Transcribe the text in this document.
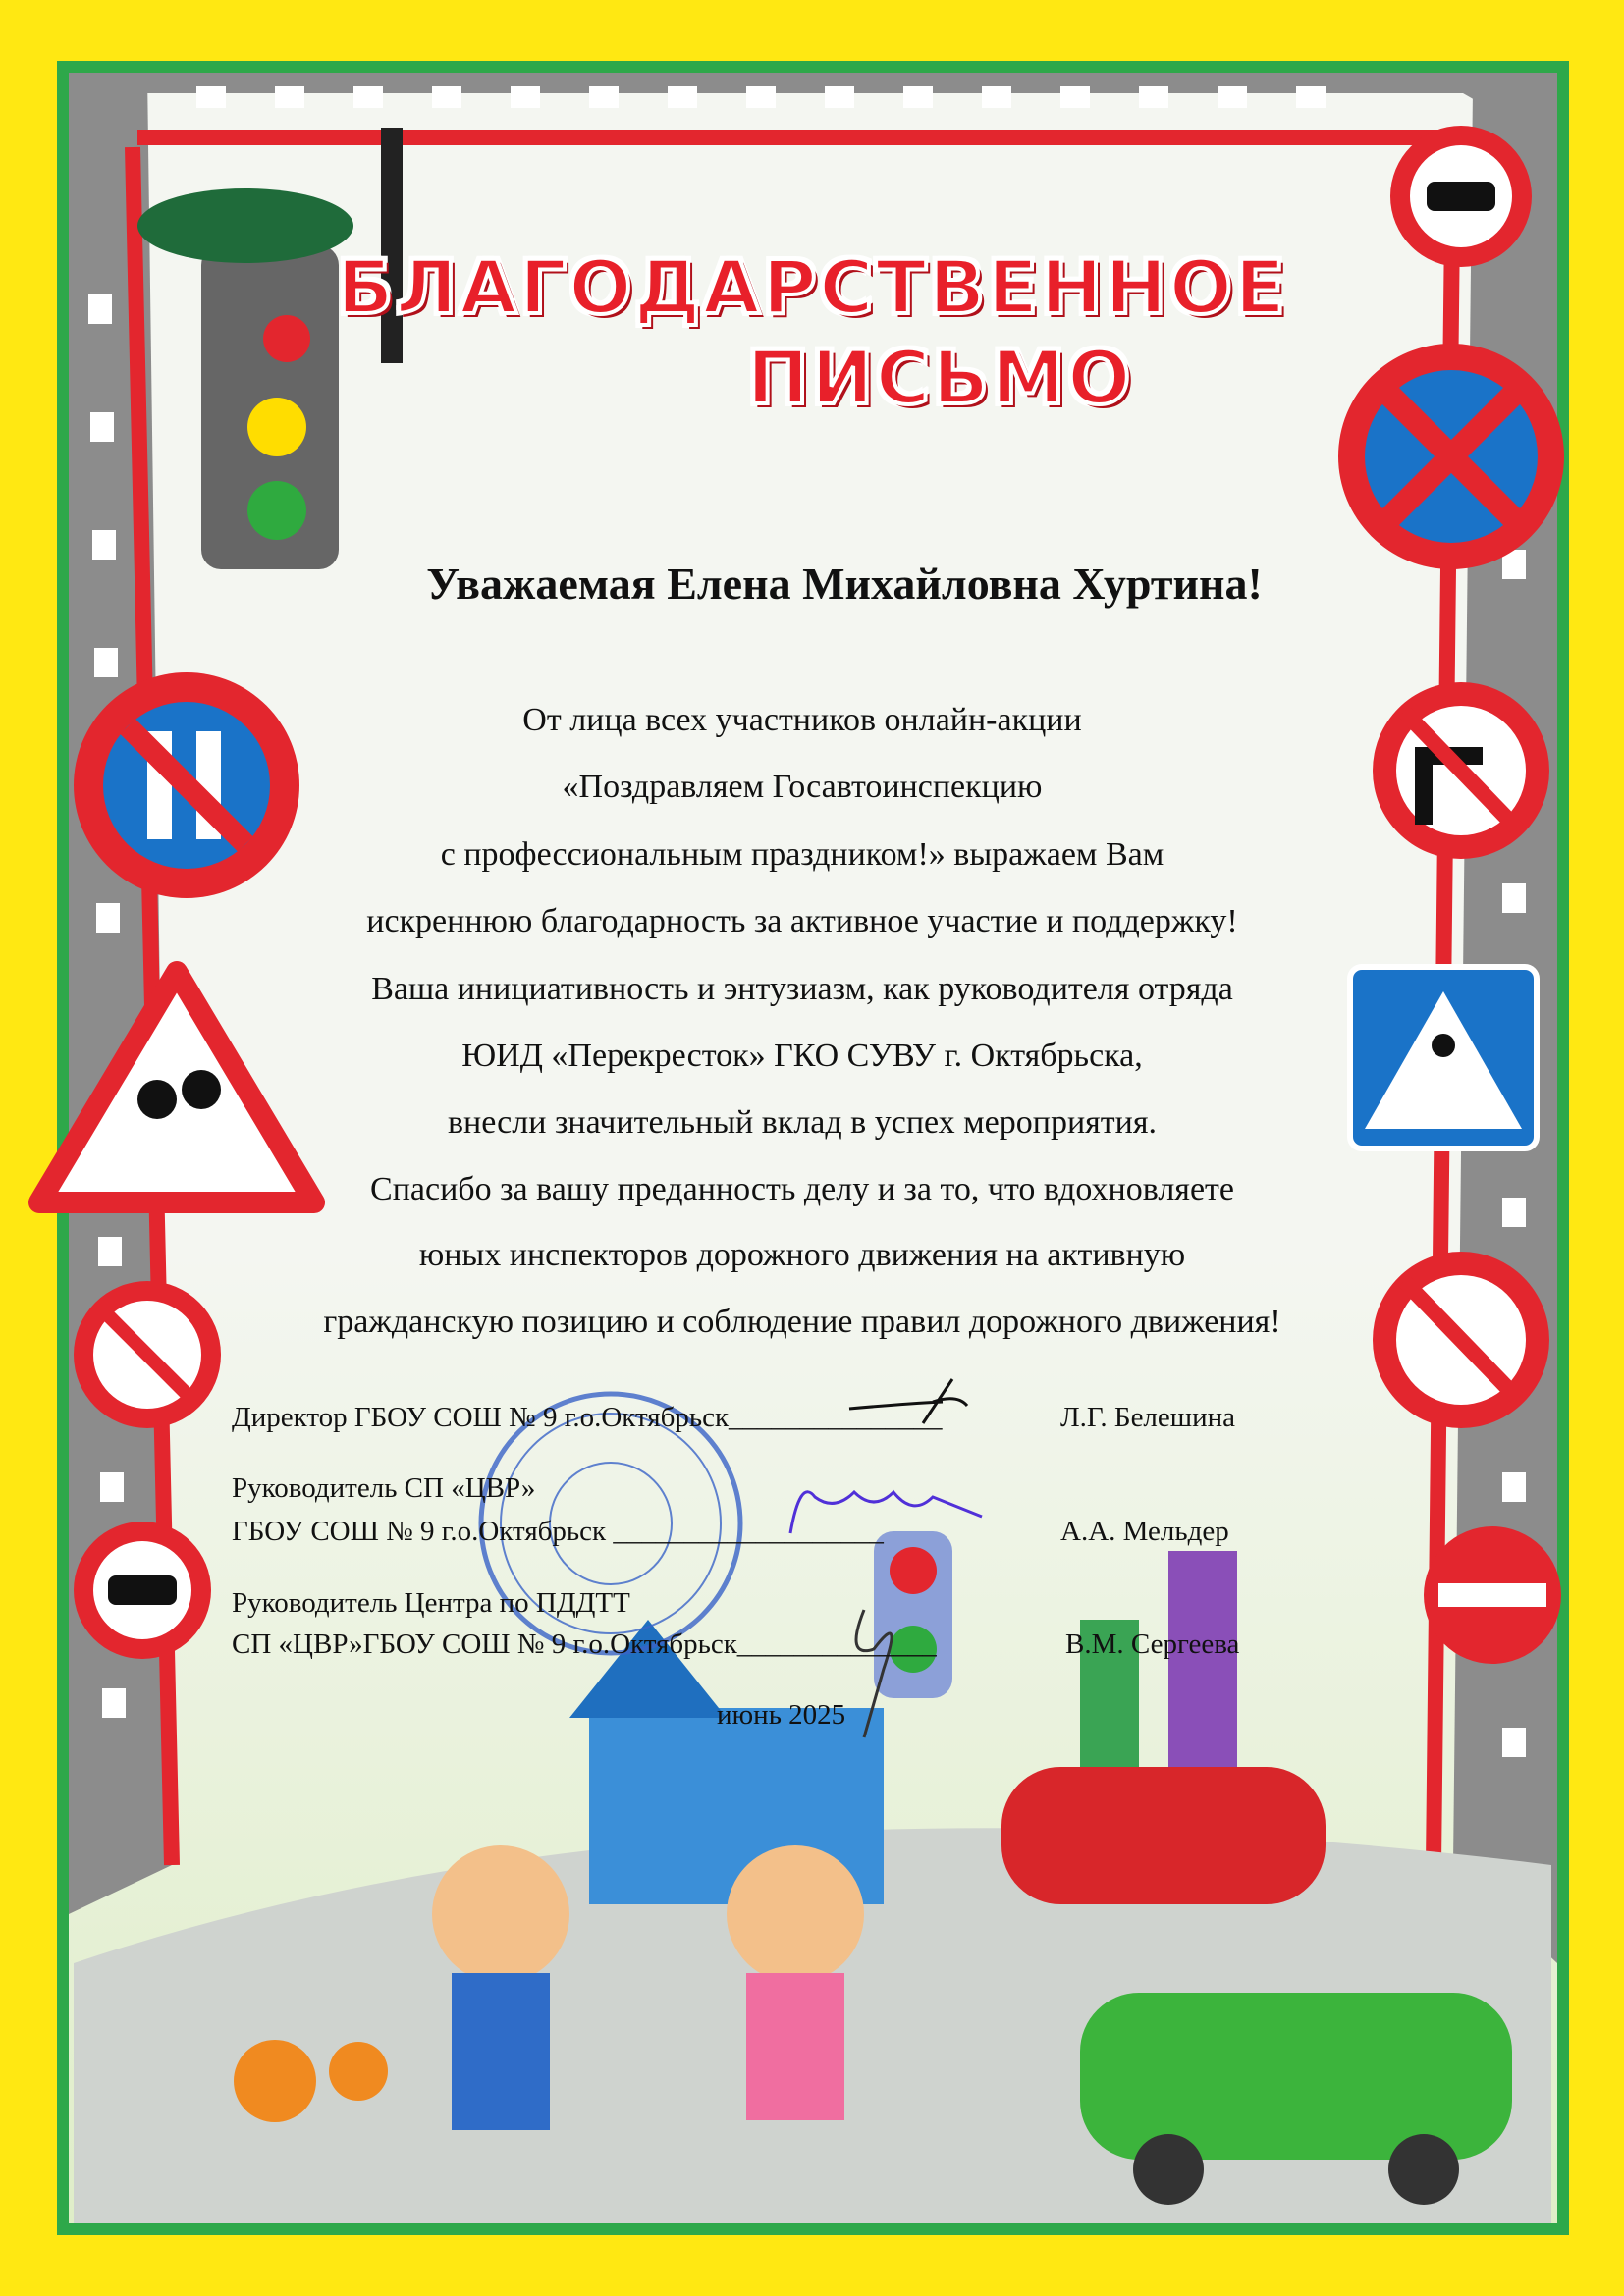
БЛАГОДАРСТВЕННОЕ
ПИСЬМО
Уважаемая Елена Михайловна Хуртина!
От лица всех участников онлайн-акции
«Поздравляем Госавтоинспекцию
с профессиональным праздником!» выражаем Вам
искреннюю благодарность за активное участие и поддержку!
Ваша инициативность и энтузиазм, как руководителя отряда
ЮИД «Перекресток» ГКО СУВУ г. Октябрьска,
внесли значительный вклад в успех мероприятия.
Спасибо за вашу преданность делу и за то, что вдохновляете
юных инспекторов дорожного движения на активную
гражданскую позицию и соблюдение правил дорожного движения!
Директор ГБОУ СОШ № 9 г.о.Октябрьск_______________	Л.Г. Белешина
Руководитель СП «ЦВР»
ГБОУ СОШ № 9 г.о.Октябрьск ___________________	А.А. Мельдер
Руководитель Центра по ПДДТТ
СП «ЦВР»ГБОУ СОШ № 9 г.о.Октябрьск______________	В.М. Сергеева
июнь 2025
